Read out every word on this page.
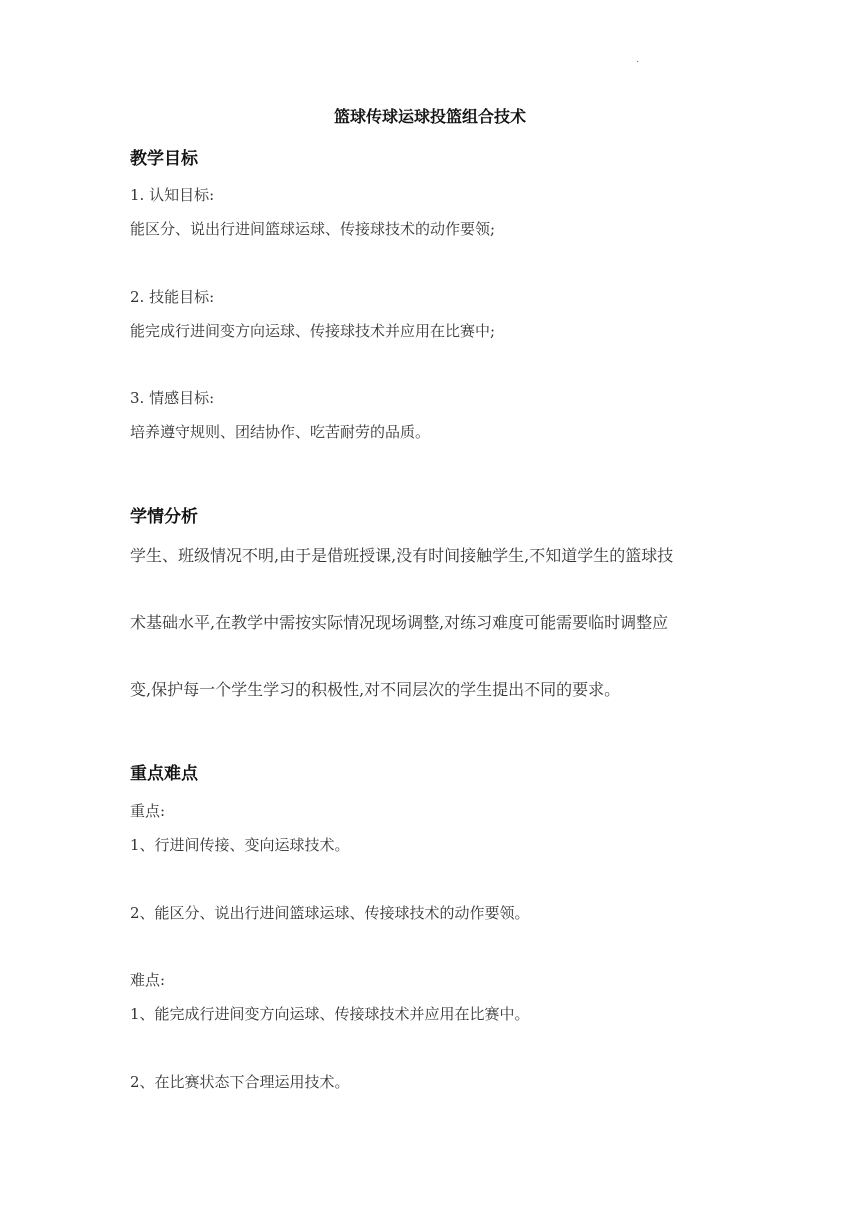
·
篮球传球运球投篮组合技术
教学目标
1. 认知目标:
能区分、说出行进间篮球运球、传接球技术的动作要领;
2. 技能目标:
能完成行进间变方向运球、传接球技术并应用在比赛中;
3. 情感目标:
培养遵守规则、团结协作、吃苦耐劳的品质。
学情分析
学生、班级情况不明,由于是借班授课,没有时间接触学生,不知道学生的篮球技
术基础水平,在教学中需按实际情况现场调整,对练习难度可能需要临时调整应
变,保护每一个学生学习的积极性,对不同层次的学生提出不同的要求。
重点难点
重点:
1、行进间传接、变向运球技术。
2、能区分、说出行进间篮球运球、传接球技术的动作要领。
难点:
1、能完成行进间变方向运球、传接球技术并应用在比赛中。
2、在比赛状态下合理运用技术。
